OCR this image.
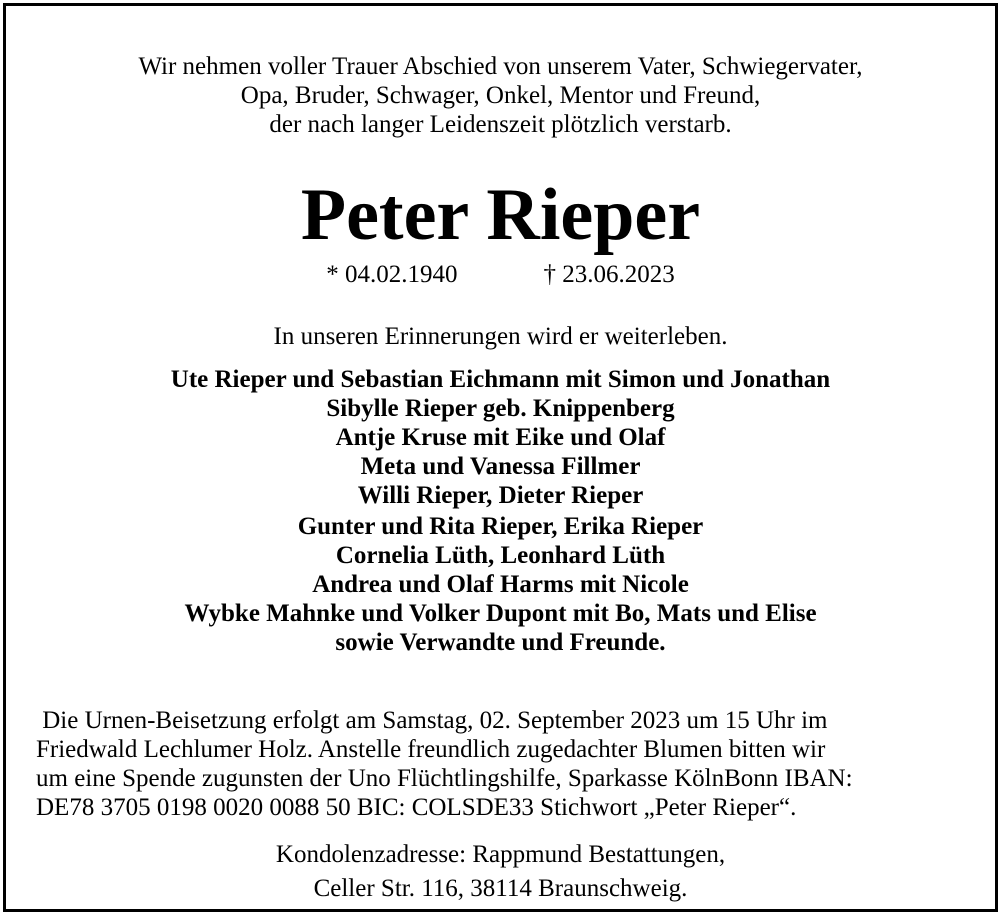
Wir nehmen voller Trauer Abschied von unserem Vater, Schwiegervater,
Opa, Bruder, Schwager, Onkel, Mentor und Freund,
der nach langer Leidenszeit plötzlich verstarb.
Peter Rieper
* 04.02.1940	† 23.06.2023
In unseren Erinnerungen wird er weiterleben.
Ute Rieper und Sebastian Eichmann mit Simon und Jonathan
Sibylle Rieper geb. Knippenberg
Antje Kruse mit Eike und Olaf
Meta und Vanessa Fillmer
Willi Rieper, Dieter Rieper
Gunter und Rita Rieper, Erika Rieper
Cornelia Lüth, Leonhard Lüth
Andrea und Olaf Harms mit Nicole
Wybke Mahnke und Volker Dupont mit Bo, Mats und Elise
sowie Verwandte und Freunde.
Die Urnen-Beisetzung erfolgt am Samstag, 02. September 2023 um 15 Uhr im
Friedwald Lechlumer Holz. Anstelle freundlich zugedachter Blumen bitten wir
um eine Spende zugunsten der Uno Flüchtlingshilfe, Sparkasse KölnBonn IBAN:
DE78 3705 0198 0020 0088 50 BIC: COLSDE33 Stichwort „Peter Rieper“.
Kondolenzadresse: Rappmund Bestattungen,
Celler Str. 116, 38114 Braunschweig.
